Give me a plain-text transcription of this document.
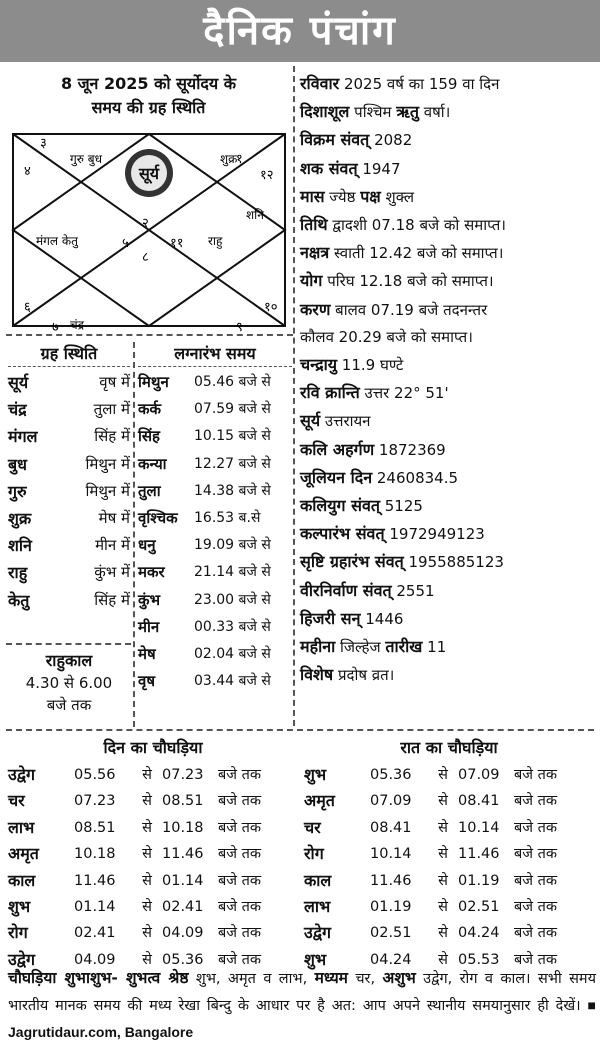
दैनिक पंचांग
8 जून 2025 को सूर्योदय के
समय की ग्रह स्थिति
सूर्य
४
३
२
१
१२
५	११
८
६
७	९
१०
गुरु बुध	शुक्र
शनि
मंगल केतु	राहु
चंद्र
रविवार 2025 वर्ष का 159 वा दिन
दिशाशूल पश्चिम ऋतु वर्षा।
विक्रम संवत् 2082
शक संवत् 1947
मास ज्येष्ठ पक्ष शुक्ल
तिथि द्वादशी 07.18 बजे को समाप्त।
नक्षत्र स्वाती 12.42 बजे को समाप्त।
योग परिघ 12.18 बजे को समाप्त।
करण बालव 07.19 बजे तदनन्तर
कौलव 20.29 बजे को समाप्त।
चन्द्रायु 11.9 घण्टे
रवि क्रान्ति उत्तर 22° 51'
सूर्य उत्तरायन
कलि अहर्गण 1872369
जूलियन दिन 2460834.5
कलियुग संवत् 5125
कल्पारंभ संवत् 1972949123
सृष्टि ग्रहारंभ संवत् 1955885123
वीरनिर्वाण संवत् 2551
हिजरी सन् 1446
महीना जिल्हेज तारीख 11
विशेष प्रदोष व्रत।
ग्रह स्थिति
सूर्य	वृष में
चंद्र	तुला में
मंगल	सिंह में
बुध	मिथुन में
गुरु	मिथुन में
शुक्र	मेष में
शनि	मीन में
राहु	कुंभ में
केतु	सिंह में
लग्नारंभ समय
मिथुन	05.46 बजे से
कर्क	07.59 बजे से
सिंह	10.15 बजे से
कन्या	12.27 बजे से
तुला	14.38 बजे से
वृश्चिक	16.53 ब.से
धनु	19.09 बजे से
मकर	21.14 बजे से
कुंभ	23.00 बजे से
मीन	00.33 बजे से
मेष	02.04 बजे से
वृष	03.44 बजे से
राहुकाल
4.30 से 6.00
बजे तक
दिन का चौघड़िया
उद्वेग	05.56	से 07.23 बजे तक
चर	07.23	से 08.51 बजे तक
लाभ	08.51	से 10.18 बजे तक
अमृत	10.18	से 11.46 बजे तक
काल	11.46	से 01.14 बजे तक
शुभ	01.14	से 02.41 बजे तक
रोग	02.41	से 04.09 बजे तक
उद्वेग	04.09	से 05.36 बजे तक
रात का चौघड़िया
शुभ	05.36	से 07.09 बजे तक
अमृत	07.09	से 08.41 बजे तक
चर	08.41	से 10.14 बजे तक
रोग	10.14	से 11.46 बजे तक
काल	11.46	से 01.19 बजे तक
लाभ	01.19	से 02.51 बजे तक
उद्वेग	02.51	से 04.24 बजे तक
शुभ	04.24	से 05.53 बजे तक
चौघड़िया शुभाशुभ- शुभत्व श्रेष्ठ शुभ, अमृत व लाभ, मध्यम चर, अशुभ उद्वेग, रोग व काल। सभी समय भारतीय मानक समय की मध्य रेखा बिन्दु के आधार पर है अत: आप अपने स्थानीय समयानुसार ही देखें। ■ Jagrutidaur.com, Bangalore
